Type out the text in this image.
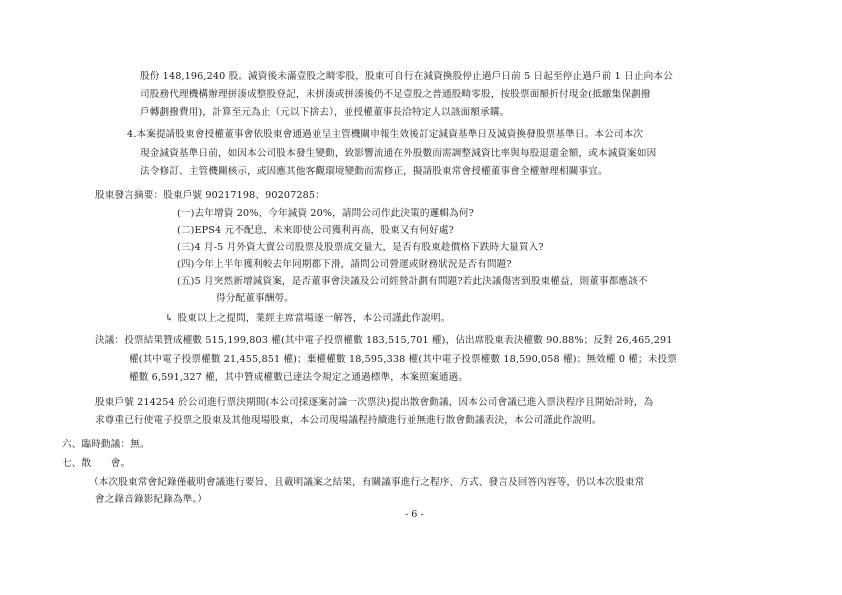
股份 148,196,240 股。減資後未滿壹股之畸零股，股東可自行在減資換股停止過戶日前 5 日起至停止過戶前 1 日止向本公
司股務代理機構辦理拼湊成整股登記，未拼湊或拼湊後仍不足壹股之普通股畸零股，按股票面額折付現金(抵繳集保劃撥
戶轉劃撥費用)，計算至元為止（元以下捨去），並授權董事長洽特定人以該面額承購。
4.本案提請股東會授權董事會依股東會通過並呈主管機關申報生效後訂定減資基準日及減資換發股票基準日。本公司本次
現金減資基準日前，如因本公司股本發生變動，致影響流通在外股數而需調整減資比率與每股退還金額，或本減資案如因
法令修訂、主管機關核示，或因應其他客觀環境變動而需修正，擬請股東常會授權董事會全權辦理相關事宜。
股東發言摘要：股東戶號 90217198、90207285：
(一)去年增資 20%、今年減資 20%，請問公司作此決策的邏輯為何?
(二)EPS4 元不配息，未來即使公司獲利再高，股東又有何好處?
(三)4 月-5 月外資大賣公司股票及股票成交量大，是否有股東趁價格下跌時大量買入?
(四)今年上半年獲利較去年同期都下滑，請問公司營運或財務狀況是否有問題?
(五)5 月突然新增減資案，是否董事會決議及公司經營計劃有問題?若此決議傷害到股東權益，則董事都應該不
得分配董事酬勞。
↳ 股東以上之提問，業經主席當場逐一解答，本公司謹此作說明。
決議：投票結果贊成權數 515,199,803 權(其中電子投票權數 183,515,701 權)，佔出席股東表決權數 90.88%；反對 26,465,291
權(其中電子投票權數 21,455,851 權)；棄權權數 18,595,338 權(其中電子投票權數 18,590,058 權)；無效權 0 權；未投票
權數 6,591,327 權，其中贊成權數已達法令規定之通過標準，本案照案通過。
股東戶號 214254 於公司進行票決期間(本公司採逐案討論一次票決)提出散會動議，因本公司會議已進入票決程序且開始計時，為
求尊重已行使電子投票之股東及其他現場股東，本公司現場議程持續進行並無進行散會動議表決，本公司謹此作說明。
六、臨時動議：無。
七、散　　會。
（本次股東常會紀錄僅載明會議進行要旨，且載明議案之結果，有關議事進行之程序、方式、發言及回答內容等，仍以本次股東常
會之錄音錄影紀錄為準。）
- 6 -
